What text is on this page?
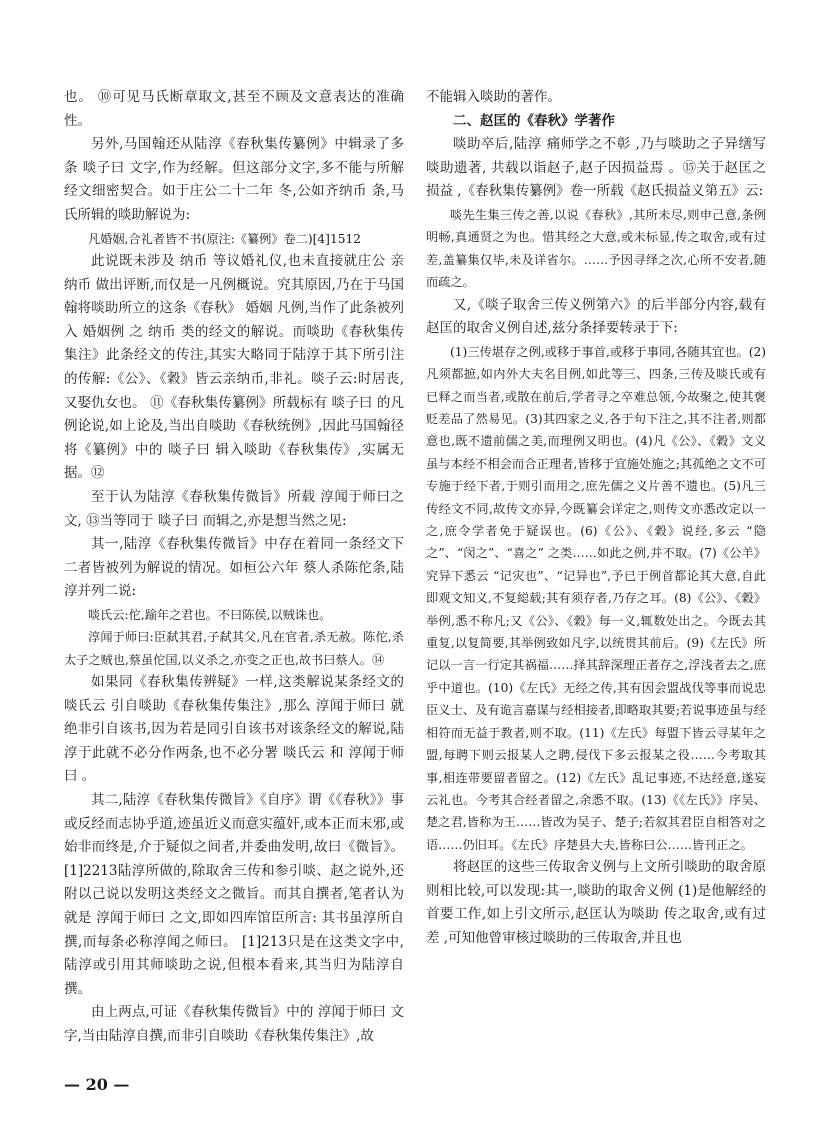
也。 ⑩可见马氏断章取文,甚至不顾及文意表达的准确性。

另外,马国翰还从陆淳《春秋集传纂例》中辑录了多条 啖子曰 文字,作为经解。但这部分文字,多不能与所解经文细密契合。如于庄公二十二年 冬,公如齐纳币 条,马氏所辑的啖助解说为:

凡婚姻,合礼者皆不书(原注:《纂例》卷二)[4]1512

此说既未涉及 纳币 等议婚礼仪,也未直接就庄公 亲纳币 做出评断,而仅是一凡例概说。究其原因,乃在于马国翰将啖助所立的这条《春秋》 婚姻 凡例,当作了此条被列入 婚姻例 之 纳币 类的经文的解说。而啖助《春秋集传集注》此条经文的传注,其实大略同于陆淳于其下所引注的传解:《公》、《穀》皆云亲纳币,非礼。啖子云:时居丧,又娶仇女也。 ⑪《春秋集传纂例》所载标有 啖子曰 的凡例论说,如上论及,当出自啖助《春秋统例》,因此马国翰径将《纂例》中的 啖子曰 辑入啖助《春秋集传》,实属无据。⑫

至于认为陆淳《春秋集传微旨》所载 淳闻于师曰之文, ⑬当等同于 啖子曰 而辑之,亦是想当然之见:

其一,陆淳《春秋集传微旨》中存在着同一条经文下二者皆被列为解说的情况。如桓公六年 蔡人杀陈佗条,陆淳并列二说:

啖氏云:佗,踰年之君也。不曰陈侯,以贼诛也。

淳闻于师曰:臣弑其君,子弑其父,凡在官者,杀无赦。陈佗,杀太子之贼也,蔡虽佗国,以义杀之,亦变之正也,故书曰蔡人。⑭

如果同《春秋集传辨疑》一样,这类解说某条经文的 啖氏云 引自啖助《春秋集传集注》,那么 淳闻于师曰 就绝非引自该书,因为若是同引自该书对该条经文的解说,陆淳于此就不必分作两条,也不必分署 啖氏云 和 淳闻于师曰 。

其二,陆淳《春秋集传微旨》《自序》谓《《春秋》》事或反经而志协乎道,迹虽近义而意实蕴奸,或本正而末邪,或始非而终是,介于疑似之间者,并委曲发明,故曰《微旨》。 [1]2213陆淳所做的,除取舍三传和参引啖、赵之说外,还附以己说以发明这类经文之微旨。而其自撰者,笔者认为就是 淳闻于师曰 之文,即如四库馆臣所言: 其书虽淳所自撰,而每条必称淳闻之师曰。 [1]213只是在这类文字中,陆淳或引用其师啖助之说,但根本看来,其当归为陆淳自撰。

由上两点,可证《春秋集传微旨》中的 淳闻于师曰 文字,当由陆淳自撰,而非引自啖助《春秋集传集注》,故

不能辑入啖助的著作。

二、赵匡的《春秋》学著作

啖助卒后,陆淳 痛师学之不彰 ,乃与啖助之子异缮写啖助遗著, 共载以诣赵子,赵子因损益焉 。⑮关于赵匡之 损益 ,《春秋集传纂例》卷一所载《赵氏损益义第五》云:

啖先生集三传之善,以说《春秋》,其所未尽,则申己意,条例明畅,真通贤之为也。惜其经之大意,或未标显,传之取舍,或有过差,盖纂集仅毕,未及详省尔。……予因寻绎之次,心所不安者,随而疏之。

又,《啖子取舍三传义例第六》的后半部分内容,载有赵匡的取舍义例自述,兹分条择要转录于下:

(1)三传堪存之例,或移于事首,或移于事同,各随其宜也。(2)凡须都摭,如内外大夫名目例,如此等三、四条,三传及啖氏或有已释之而当者,或散在前后,学者寻之卒难总领,今故聚之,使其褒贬差品了然易见。(3)其四家之义,各于句下注之,其不注者,则都意也,既不遗前儒之美,而理例又明也。(4)凡《公》、《穀》文义虽与本经不相会而合正理者,皆移于宜施处施之;其孤绝之文不可专施于经下者,于则引而用之,庶先儒之义片善不遗也。(5)凡三传经文不同,故传文亦异,今既纂会详定之,则传文亦悉改定以一之,庶令学者免于疑误也。(6)《公》、《穀》说经,多云 “隐之”、“闵之”、“喜之” 之类……如此之例,并不取。(7)《公羊》 究异下悉云 “记灾也”、“记异也”,予已于例首都论其大意,自此即观文知义,不复縂载;其有须存者,乃存之耳。(8)《公》、《穀》举例,悉不称凡;又《公》、《穀》每一义,辄数处出之。今既去其重复,以复简要,其举例致如凡字,以统贯其前后。(9)《左氏》所记以一言一行定其祸福……择其辞深理正者存之,浮浅者去之,庶乎中道也。(10)《左氏》无经之传,其有因会盟战伐等事而说忠臣义士、及有诡言嘉谋与经相接者,即略取其要;若说事迹虽与经相符而无益于教者,则不取。(11)《左氏》每盟下皆云寻某年之盟,每聘下则云报某人之聘,侵伐下多云报某之役……今考取其事,相连带要留者留之。(12)《左氏》乱记事迹,不达经意,遂妄云礼也。今考其合经者留之,余悉不取。(13)《《左氏》》序吴、楚之君,皆称为王……皆改为吴子、楚子;若叙其君臣自相答对之语……仍旧耳。《左氏》序楚县大夫,皆称曰公……皆刊正之。

将赵匡的这些三传取舍义例与上文所引啖助的取舍原则相比较,可以发现:其一,啖助的取舍义例 (1)是他解经的首要工作,如上引文所示,赵匡认为啖助 传之取舍,或有过差 ,可知他曾审核过啖助的三传取舍,并且也

— 20 —
